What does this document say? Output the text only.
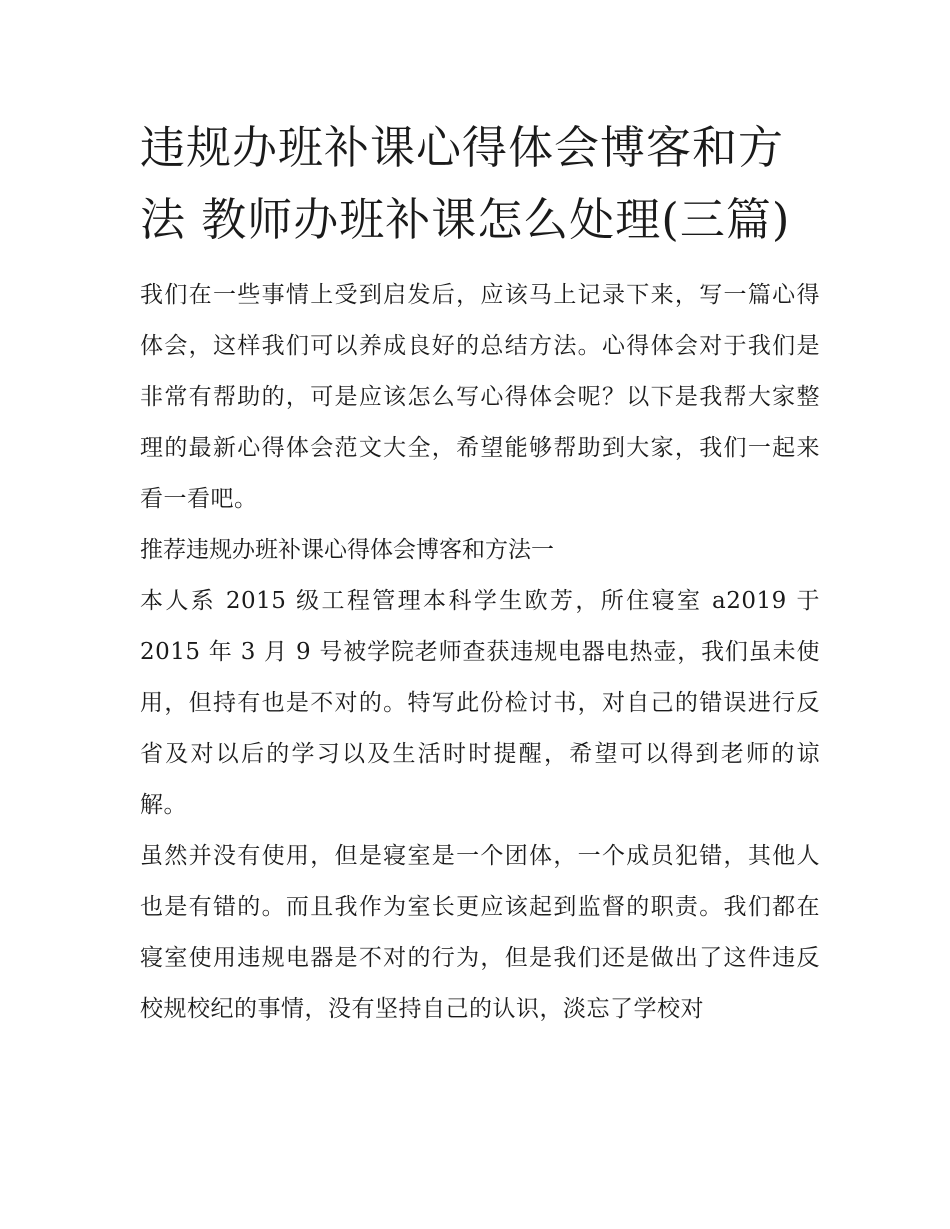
违规办班补课心得体会博客和方法 教师办班补课怎么处理(三篇)

我们在一些事情上受到启发后，应该马上记录下来，写一篇心得体会，这样我们可以养成良好的总结方法。心得体会对于我们是非常有帮助的，可是应该怎么写心得体会呢？以下是我帮大家整理的最新心得体会范文大全，希望能够帮助到大家，我们一起来看一看吧。

推荐违规办班补课心得体会博客和方法一

本人系 2015 级工程管理本科学生欧芳，所住寝室 a2019 于 2015 年 3 月 9 号被学院老师查获违规电器电热壶，我们虽未使用，但持有也是不对的。特写此份检讨书，对自己的错误进行反省及对以后的学习以及生活时时提醒，希望可以得到老师的谅解。

虽然并没有使用，但是寝室是一个团体，一个成员犯错，其他人也是有错的。而且我作为室长更应该起到监督的职责。我们都在寝室使用违规电器是不对的行为，但是我们还是做出了这件违反校规校纪的事情，没有坚持自己的认识，淡忘了学校对
